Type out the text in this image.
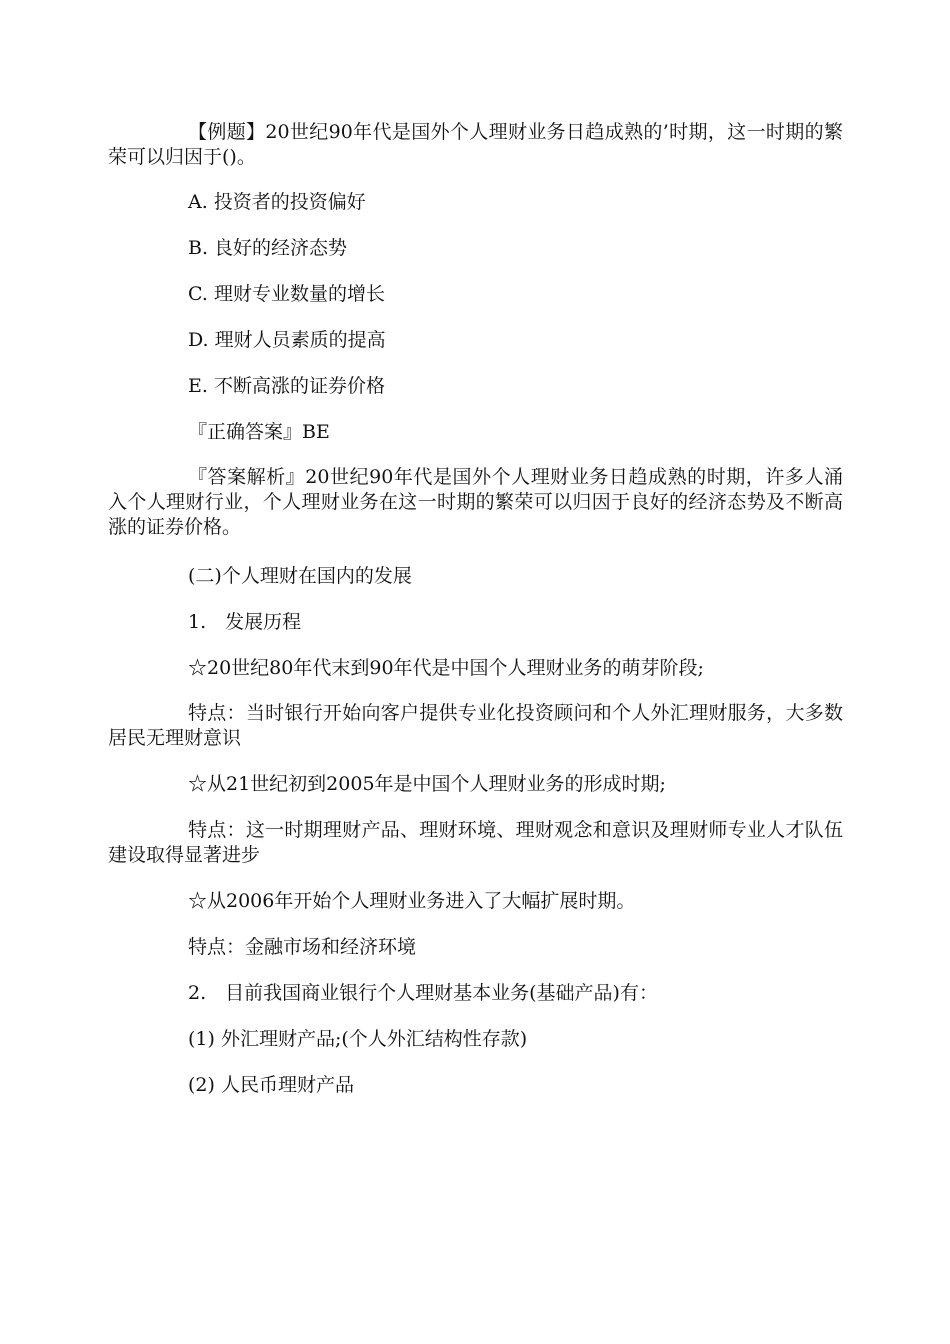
【例题】20世纪90年代是国外个人理财业务日趋成熟的’时期，这一时期的繁荣可以归因于()。

A. 投资者的投资偏好

B. 良好的经济态势

C. 理财专业数量的增长

D. 理财人员素质的提高

E. 不断高涨的证券价格

『正确答案』BE

『答案解析』20世纪90年代是国外个人理财业务日趋成熟的时期，许多人涌入个人理财行业，个人理财业务在这一时期的繁荣可以归因于良好的经济态势及不断高涨的证券价格。

(二)个人理财在国内的发展

1.　发展历程

☆20世纪80年代末到90年代是中国个人理财业务的萌芽阶段;

特点：当时银行开始向客户提供专业化投资顾问和个人外汇理财服务，大多数居民无理财意识

☆从21世纪初到2005年是中国个人理财业务的形成时期;

特点：这一时期理财产品、理财环境、理财观念和意识及理财师专业人才队伍建设取得显著进步

☆从2006年开始个人理财业务进入了大幅扩展时期。

特点：金融市场和经济环境

2.　目前我国商业银行个人理财基本业务(基础产品)有：

(1) 外汇理财产品;(个人外汇结构性存款)

(2) 人民币理财产品
